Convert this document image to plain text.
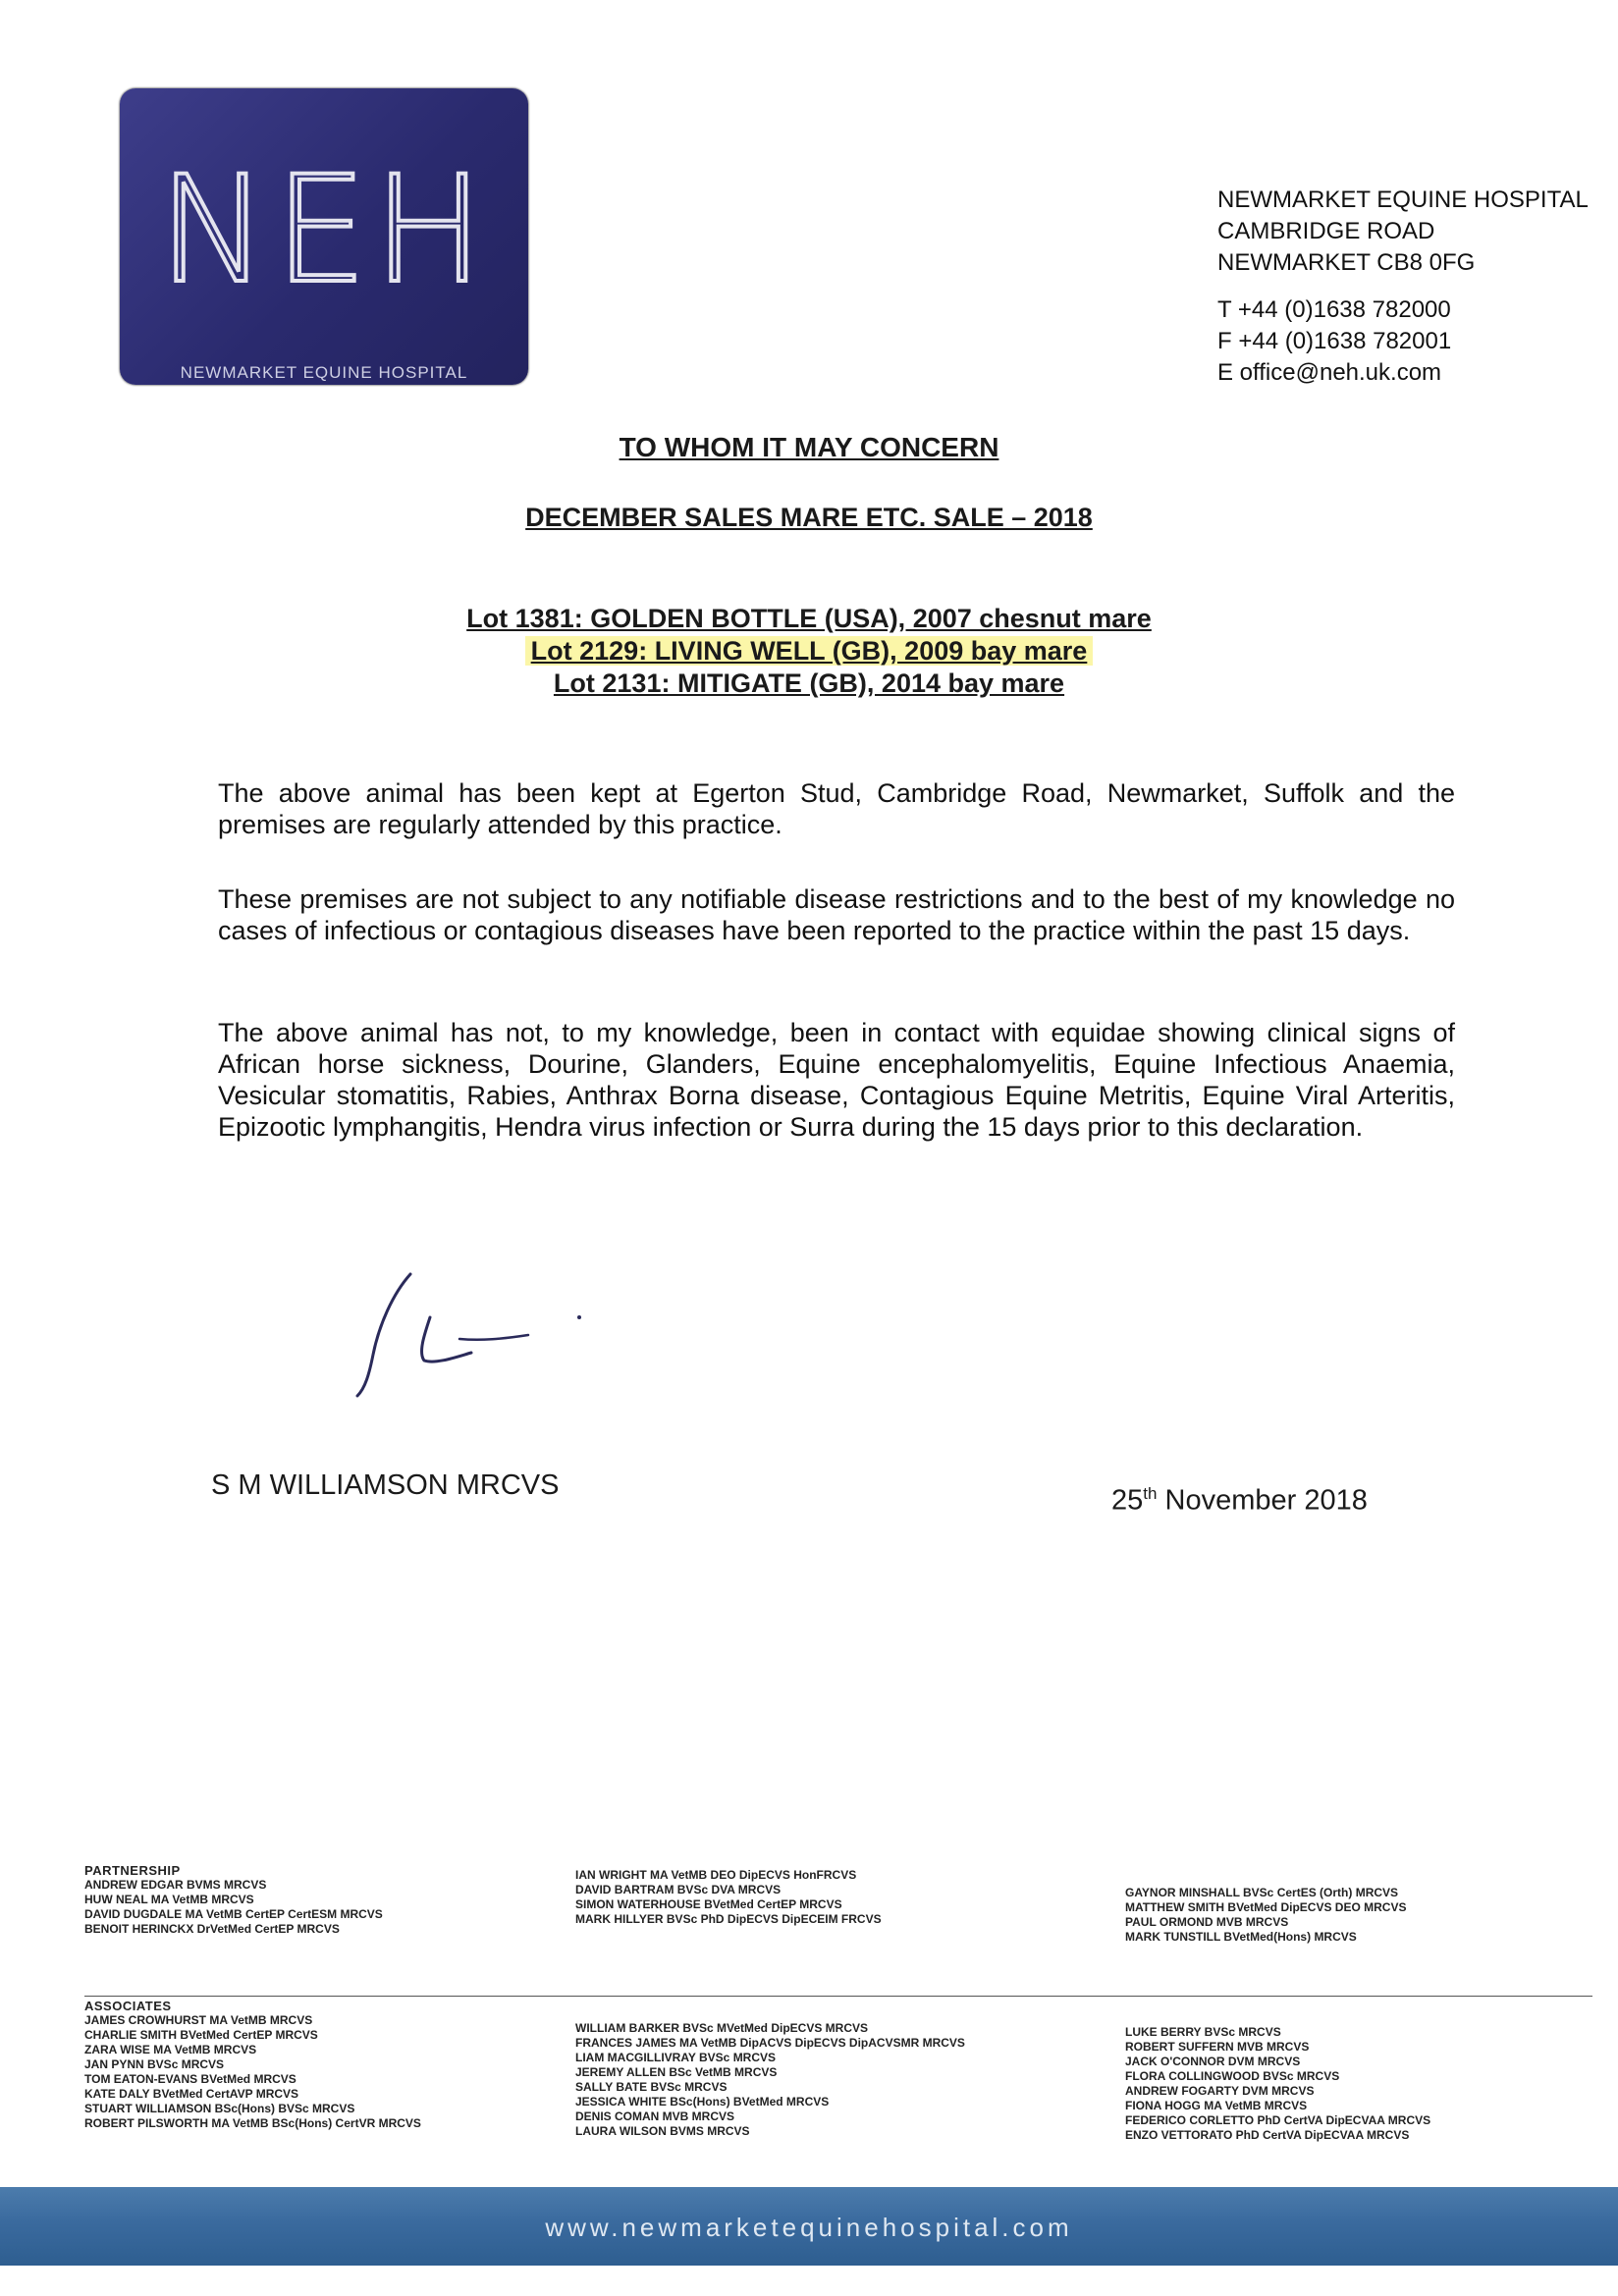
NEH
NEWMARKET EQUINE HOSPITAL
NEWMARKET EQUINE HOSPITAL
CAMBRIDGE ROAD
NEWMARKET CB8 0FG
T +44 (0)1638 782000
F +44 (0)1638 782001
E office@neh.uk.com
TO WHOM IT MAY CONCERN
DECEMBER SALES MARE ETC. SALE – 2018
Lot 1381: GOLDEN BOTTLE (USA), 2007 chesnut mare
Lot 2129: LIVING WELL (GB), 2009 bay mare
Lot 2131: MITIGATE (GB), 2014 bay mare
The above animal has been kept at Egerton Stud, Cambridge Road, Newmarket, Suffolk and the premises are regularly attended by this practice.
These premises are not subject to any notifiable disease restrictions and to the best of my knowledge no cases of infectious or contagious diseases have been reported to the practice within the past 15 days.
The above animal has not, to my knowledge, been in contact with equidae showing clinical signs of African horse sickness, Dourine, Glanders, Equine encephalomyelitis, Equine Infectious Anaemia, Vesicular stomatitis, Rabies, Anthrax Borna disease, Contagious Equine Metritis, Equine Viral Arteritis, Epizootic lymphangitis, Hendra virus infection or Surra during the 15 days prior to this declaration.
S M WILLIAMSON MRCVS	25th November 2018
PARTNERSHIP
ANDREW EDGAR BVMS MRCVS
HUW NEAL MA VetMB MRCVS
DAVID DUGDALE MA VetMB CertEP CertESM MRCVS
BENOIT HERINCKX DrVetMed CertEP MRCVS
IAN WRIGHT MA VetMB DEO DipECVS HonFRCVS
DAVID BARTRAM BVSc DVA MRCVS
SIMON WATERHOUSE BVetMed CertEP MRCVS
MARK HILLYER BVSc PhD DipECVS DipECEIM FRCVS
GAYNOR MINSHALL BVSc CertES (Orth) MRCVS
MATTHEW SMITH BVetMed DipECVS DEO MRCVS
PAUL ORMOND MVB MRCVS
MARK TUNSTILL BVetMed(Hons) MRCVS
ASSOCIATES
JAMES CROWHURST MA VetMB MRCVS
CHARLIE SMITH BVetMed CertEP MRCVS
ZARA WISE MA VetMB MRCVS
JAN PYNN BVSc MRCVS
TOM EATON-EVANS BVetMed MRCVS
KATE DALY BVetMed CertAVP MRCVS
STUART WILLIAMSON BSc(Hons) BVSc MRCVS
ROBERT PILSWORTH MA VetMB BSc(Hons) CertVR MRCVS
WILLIAM BARKER BVSc MVetMed DipECVS MRCVS
FRANCES JAMES MA VetMB DipACVS DipECVS DipACVSMR MRCVS
LIAM MACGILLIVRAY BVSc MRCVS
JEREMY ALLEN BSc VetMB MRCVS
SALLY BATE BVSc MRCVS
JESSICA WHITE BSc(Hons) BVetMed MRCVS
DENIS COMAN MVB MRCVS
LAURA WILSON BVMS MRCVS
LUKE BERRY BVSc MRCVS
ROBERT SUFFERN MVB MRCVS
JACK O'CONNOR DVM MRCVS
FLORA COLLINGWOOD BVSc MRCVS
ANDREW FOGARTY DVM MRCVS
FIONA HOGG MA VetMB MRCVS
FEDERICO CORLETTO PhD CertVA DipECVAA MRCVS
ENZO VETTORATO PhD CertVA DipECVAA MRCVS
www.newmarketequinehospital.com
